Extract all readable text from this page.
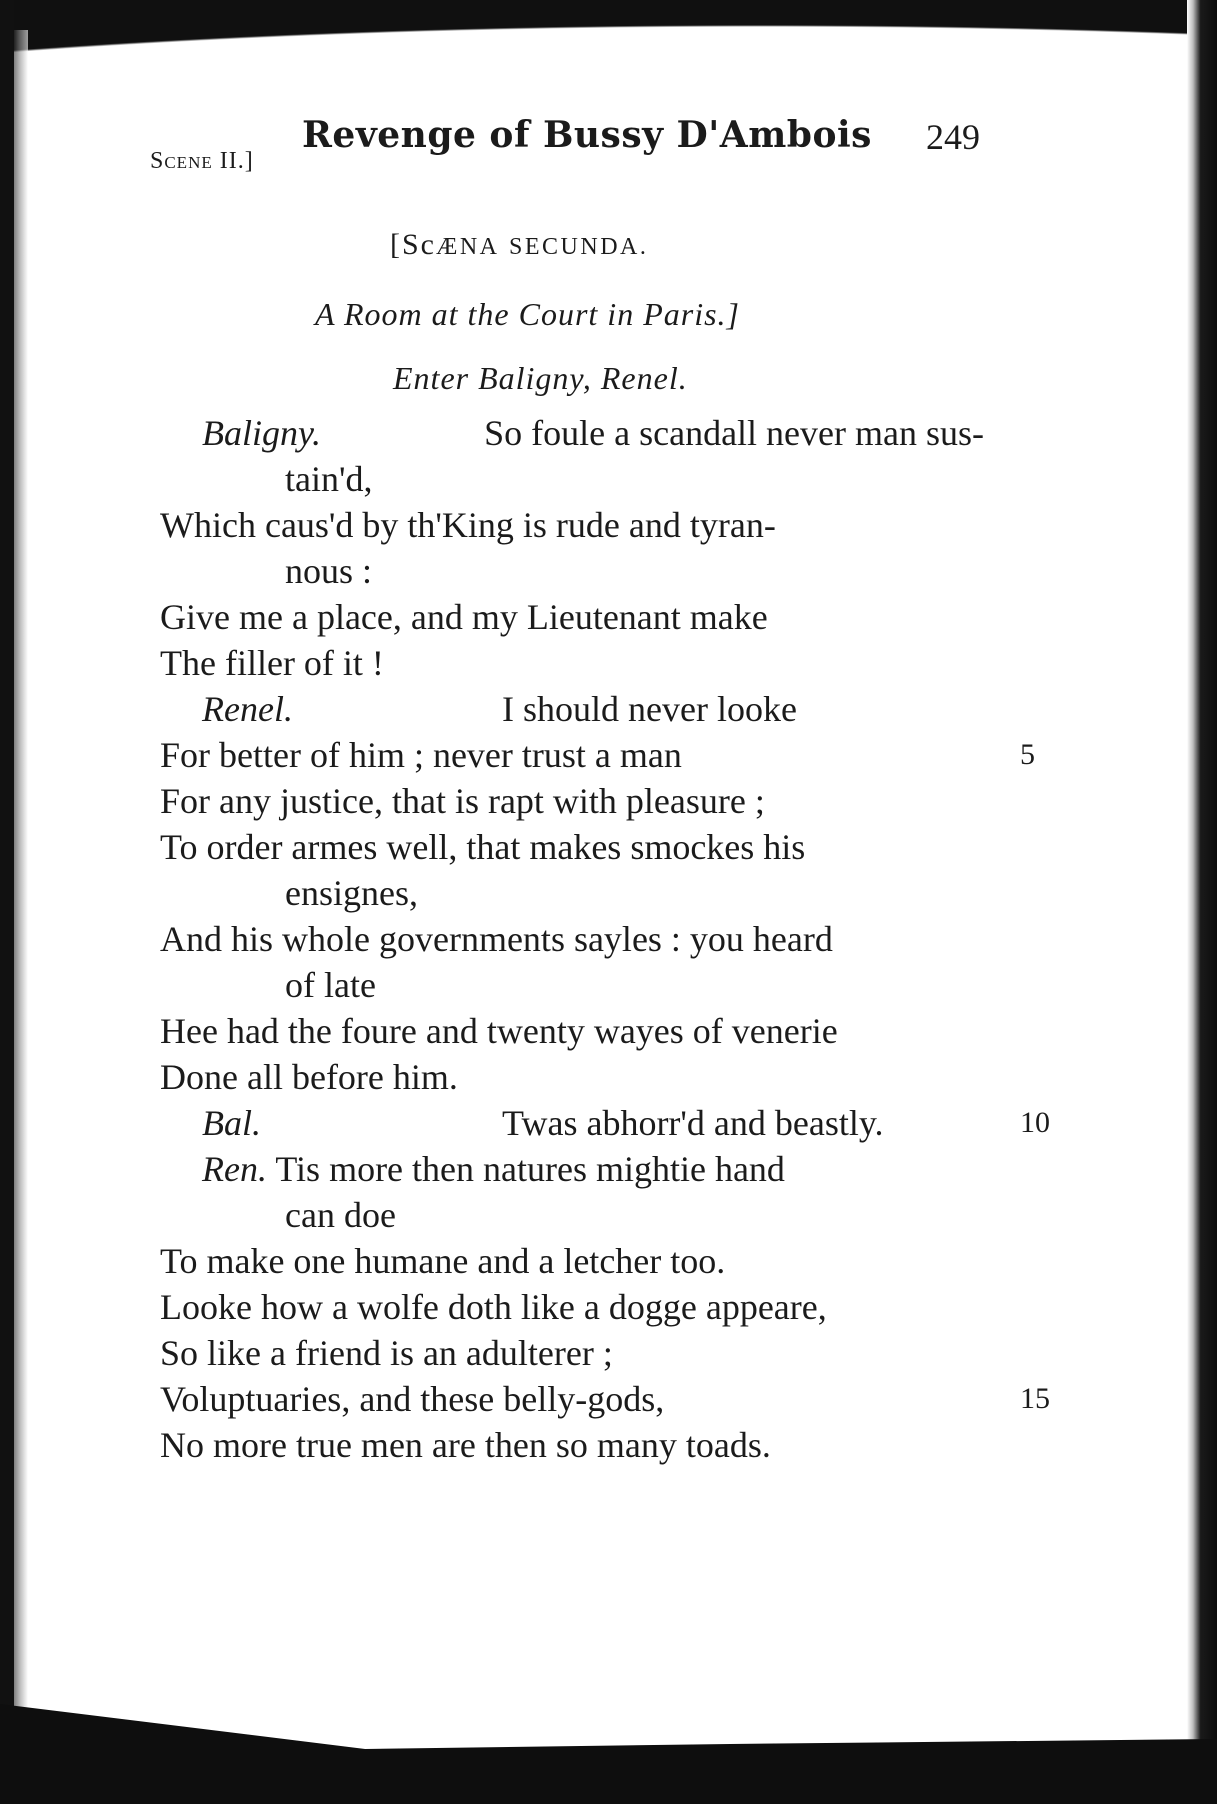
Scene II.]
Revenge of Bussy D'Ambois 249
[ScÆNA SECUNDA.
A Room at the Court in Paris.]
Enter Baligny, Renel.
Baligny.	So foule a scandall never man sus-
tain'd,
Which caus'd by th'King is rude and tyran-
nous :
Give me a place, and my Lieutenant make
The filler of it !
Renel.	I should never looke
For better of him ; never trust a man	5
For any justice, that is rapt with pleasure ;
To order armes well, that makes smockes his
ensignes,
And his whole governments sayles : you heard
of late
Hee had the foure and twenty wayes of venerie
Done all before him.
Bal.	Twas abhorr'd and beastly.	10
Ren. Tis more then natures mightie hand
can doe
To make one humane and a letcher too.
Looke how a wolfe doth like a dogge appeare,
So like a friend is an adulterer ;
Voluptuaries, and these belly-gods,	15
No more true men are then so many toads.
